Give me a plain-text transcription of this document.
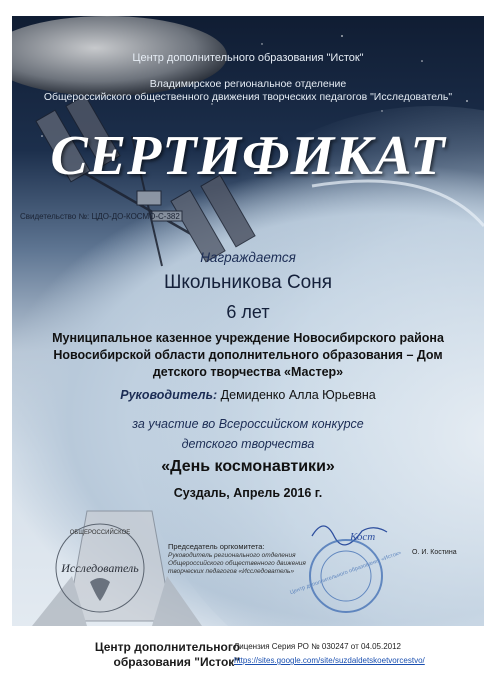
Центр дополнительного образования "Исток"
Владимирское региональное отделение
Общероссийского общественного движения творческих педагогов "Исследователь"
СЕРТИФИКАТ
Свидетельство №: ЦДО-ДО-КОСМО-С-382
Награждается
Школьникова Соня
6 лет
Муниципальное казенное учреждение Новосибирского района Новосибирской области дополнительного образования – Дом детского творчества «Мастер»
Руководитель: Демиденко Алла Юрьевна
за участие во Всероссийском конкурсе
детского творчества
«День космонавтики»
Суздаль, Апрель 2016 г.
ОБЩЕРОССИЙСКОЕ
Исследователь
Кост
Центр дополнительного образования «Исток»
Председатель оргкомитета:
Руководитель регионального отделения Общероссийского общественного движения творческих педагогов «Исследователь»
О. И. Костина
Центр дополнительного образования "Исток"
Лицензия Серия РО № 030247 от 04.05.2012
https://sites.google.com/site/suzdaldetskoetvorcestvo/
